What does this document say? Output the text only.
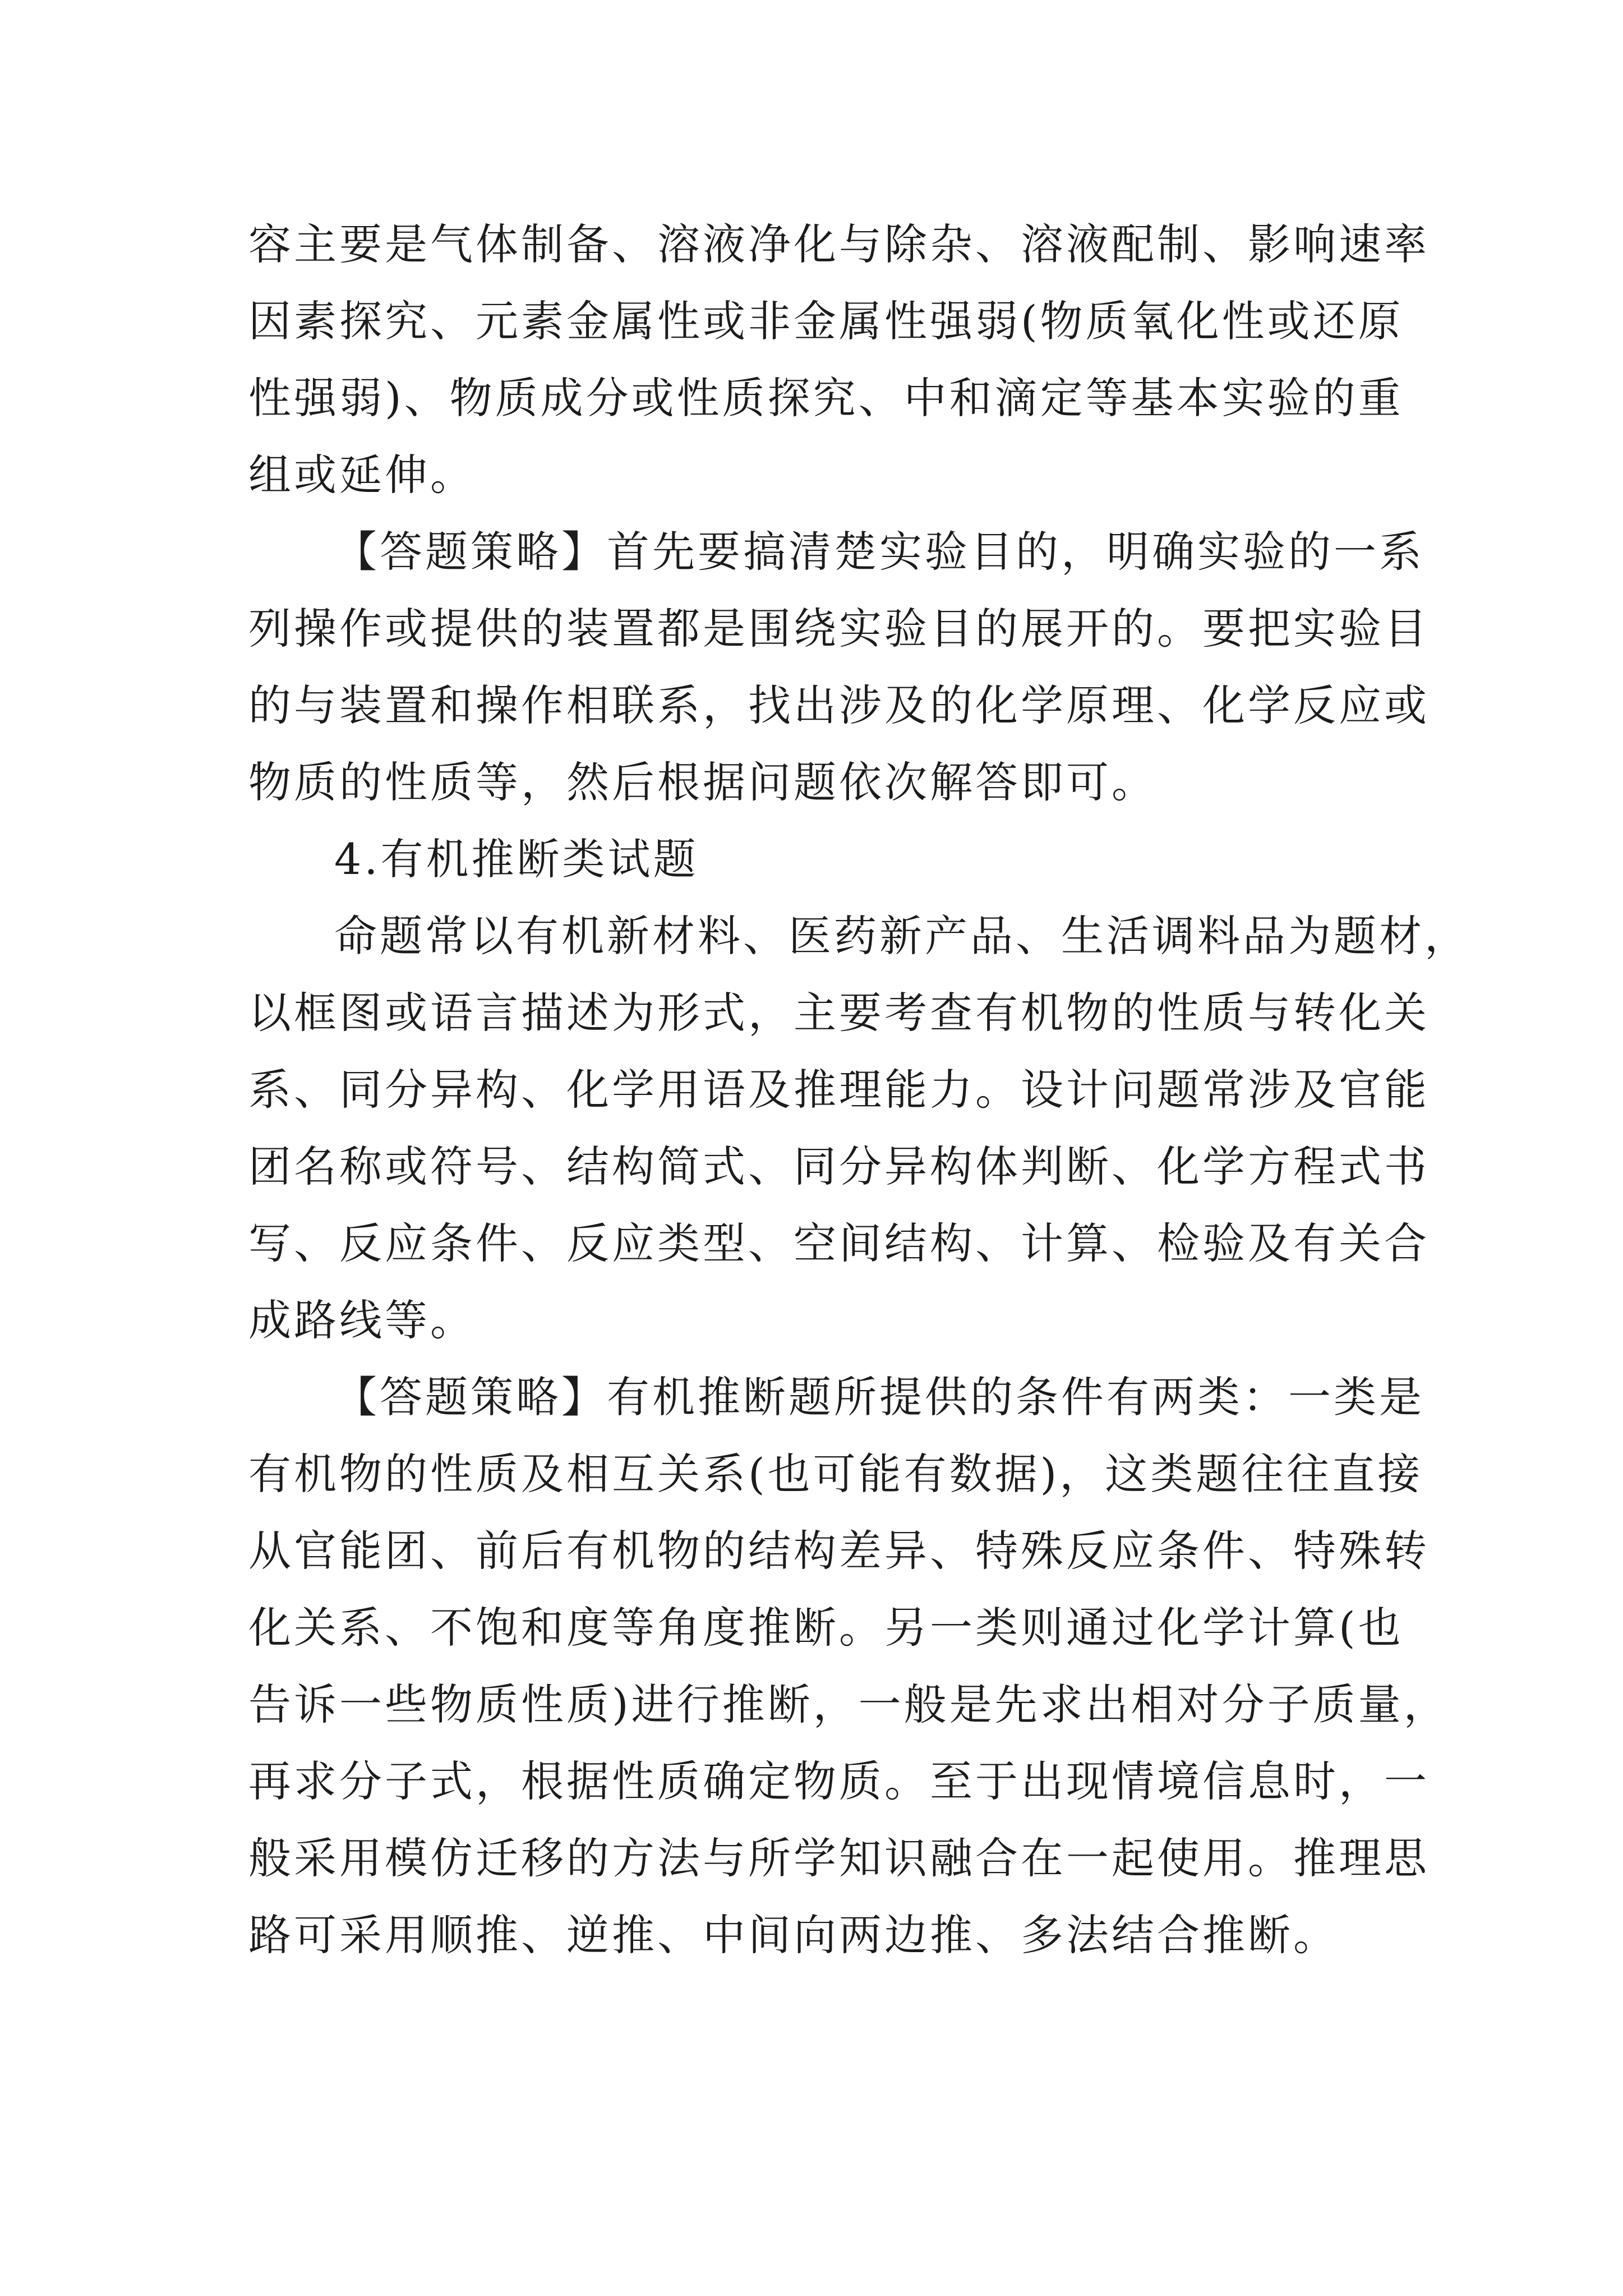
容主要是气体制备、溶液净化与除杂、溶液配制、影响速率
因素探究、元素金属性或非金属性强弱(物质氧化性或还原
性强弱)、物质成分或性质探究、中和滴定等基本实验的重
组或延伸。
【答题策略】首先要搞清楚实验目的，明确实验的一系
列操作或提供的装置都是围绕实验目的展开的。要把实验目
的与装置和操作相联系，找出涉及的化学原理、化学反应或
物质的性质等，然后根据问题依次解答即可。
4.有机推断类试题
命题常以有机新材料、医药新产品、生活调料品为题材，
以框图或语言描述为形式，主要考查有机物的性质与转化关
系、同分异构、化学用语及推理能力。设计问题常涉及官能
团名称或符号、结构简式、同分异构体判断、化学方程式书
写、反应条件、反应类型、空间结构、计算、检验及有关合
成路线等。
【答题策略】有机推断题所提供的条件有两类：一类是
有机物的性质及相互关系(也可能有数据)，这类题往往直接
从官能团、前后有机物的结构差异、特殊反应条件、特殊转
化关系、不饱和度等角度推断。另一类则通过化学计算(也
告诉一些物质性质)进行推断，一般是先求出相对分子质量，
再求分子式，根据性质确定物质。至于出现情境信息时，一
般采用模仿迁移的方法与所学知识融合在一起使用。推理思
路可采用顺推、逆推、中间向两边推、多法结合推断。
